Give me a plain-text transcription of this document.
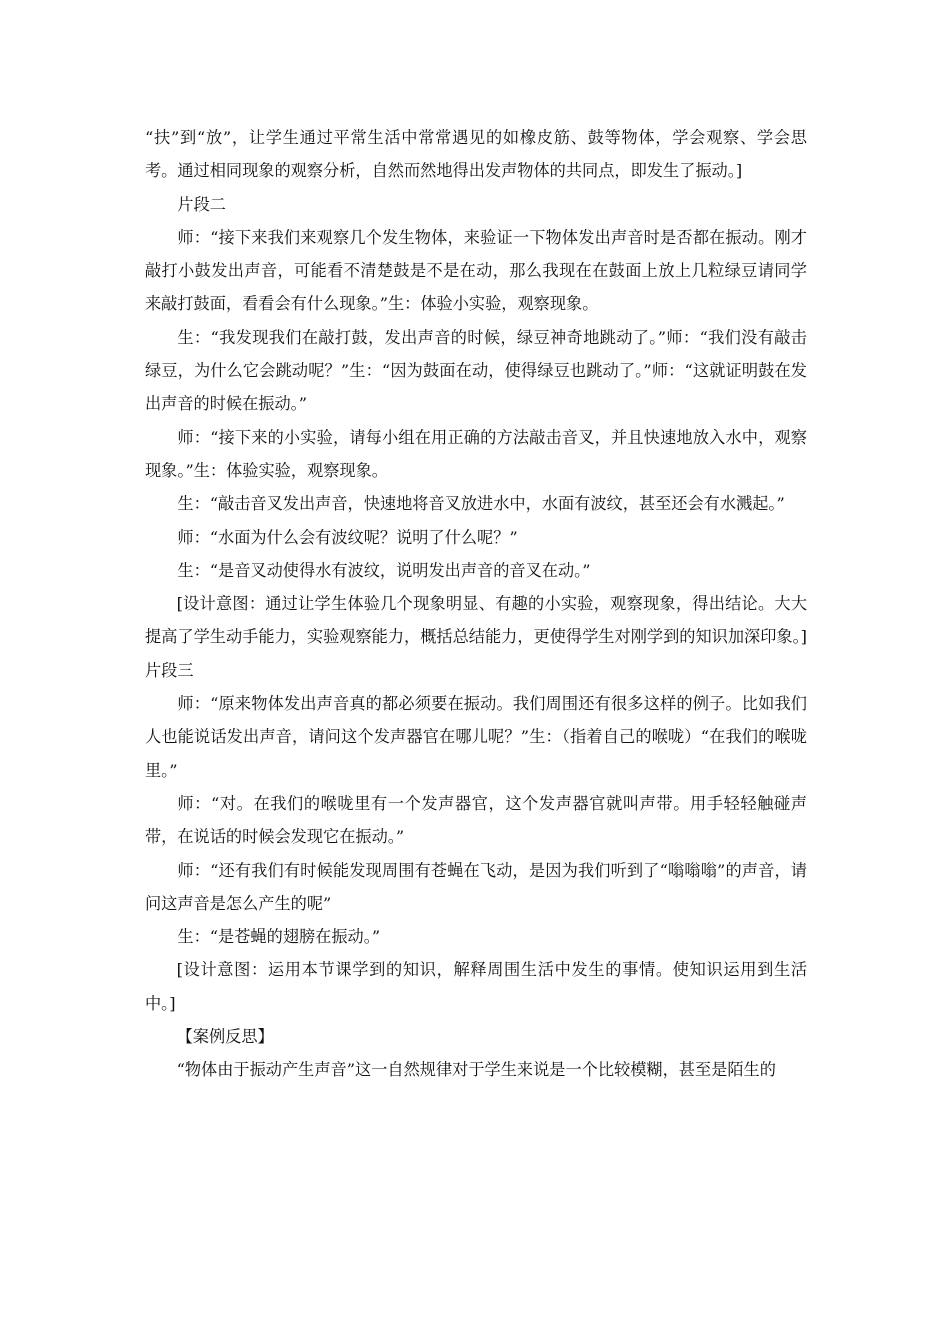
“扶”到“放”，让学生通过平常生活中常常遇见的如橡皮筋、鼓等物体，学会观察、学会思考。通过相同现象的观察分析，自然而然地得出发声物体的共同点，即发生了振动。]

片段二

师：“接下来我们来观察几个发生物体，来验证一下物体发出声音时是否都在振动。刚才敲打小鼓发出声音，可能看不清楚鼓是不是在动，那么我现在在鼓面上放上几粒绿豆请同学来敲打鼓面，看看会有什么现象。”生：体验小实验，观察现象。

生：“我发现我们在敲打鼓，发出声音的时候，绿豆神奇地跳动了。”师：“我们没有敲击绿豆，为什么它会跳动呢？”生：“因为鼓面在动，使得绿豆也跳动了。”师：“这就证明鼓在发出声音的时候在振动。”

师：“接下来的小实验，请每小组在用正确的方法敲击音叉，并且快速地放入水中，观察现象。”生：体验实验，观察现象。

生：“敲击音叉发出声音，快速地将音叉放进水中，水面有波纹，甚至还会有水溅起。”

师：“水面为什么会有波纹呢？说明了什么呢？”

生：“是音叉动使得水有波纹，说明发出声音的音叉在动。”

[设计意图：通过让学生体验几个现象明显、有趣的小实验，观察现象，得出结论。大大提高了学生动手能力，实验观察能力，概括总结能力，更使得学生对刚学到的知识加深印象。]片段三

师：“原来物体发出声音真的都必须要在振动。我们周围还有很多这样的例子。比如我们人也能说话发出声音，请问这个发声器官在哪儿呢？”生：（指着自己的喉咙）“在我们的喉咙里。”

师：“对。在我们的喉咙里有一个发声器官，这个发声器官就叫声带。用手轻轻触碰声带，在说话的时候会发现它在振动。”

师：“还有我们有时候能发现周围有苍蝇在飞动，是因为我们听到了“嗡嗡嗡”的声音，请问这声音是怎么产生的呢”

生：“是苍蝇的翅膀在振动。”

[设计意图：运用本节课学到的知识，解释周围生活中发生的事情。使知识运用到生活中。]

【案例反思】

“物体由于振动产生声音”这一自然规律对于学生来说是一个比较模糊，甚至是陌生的
